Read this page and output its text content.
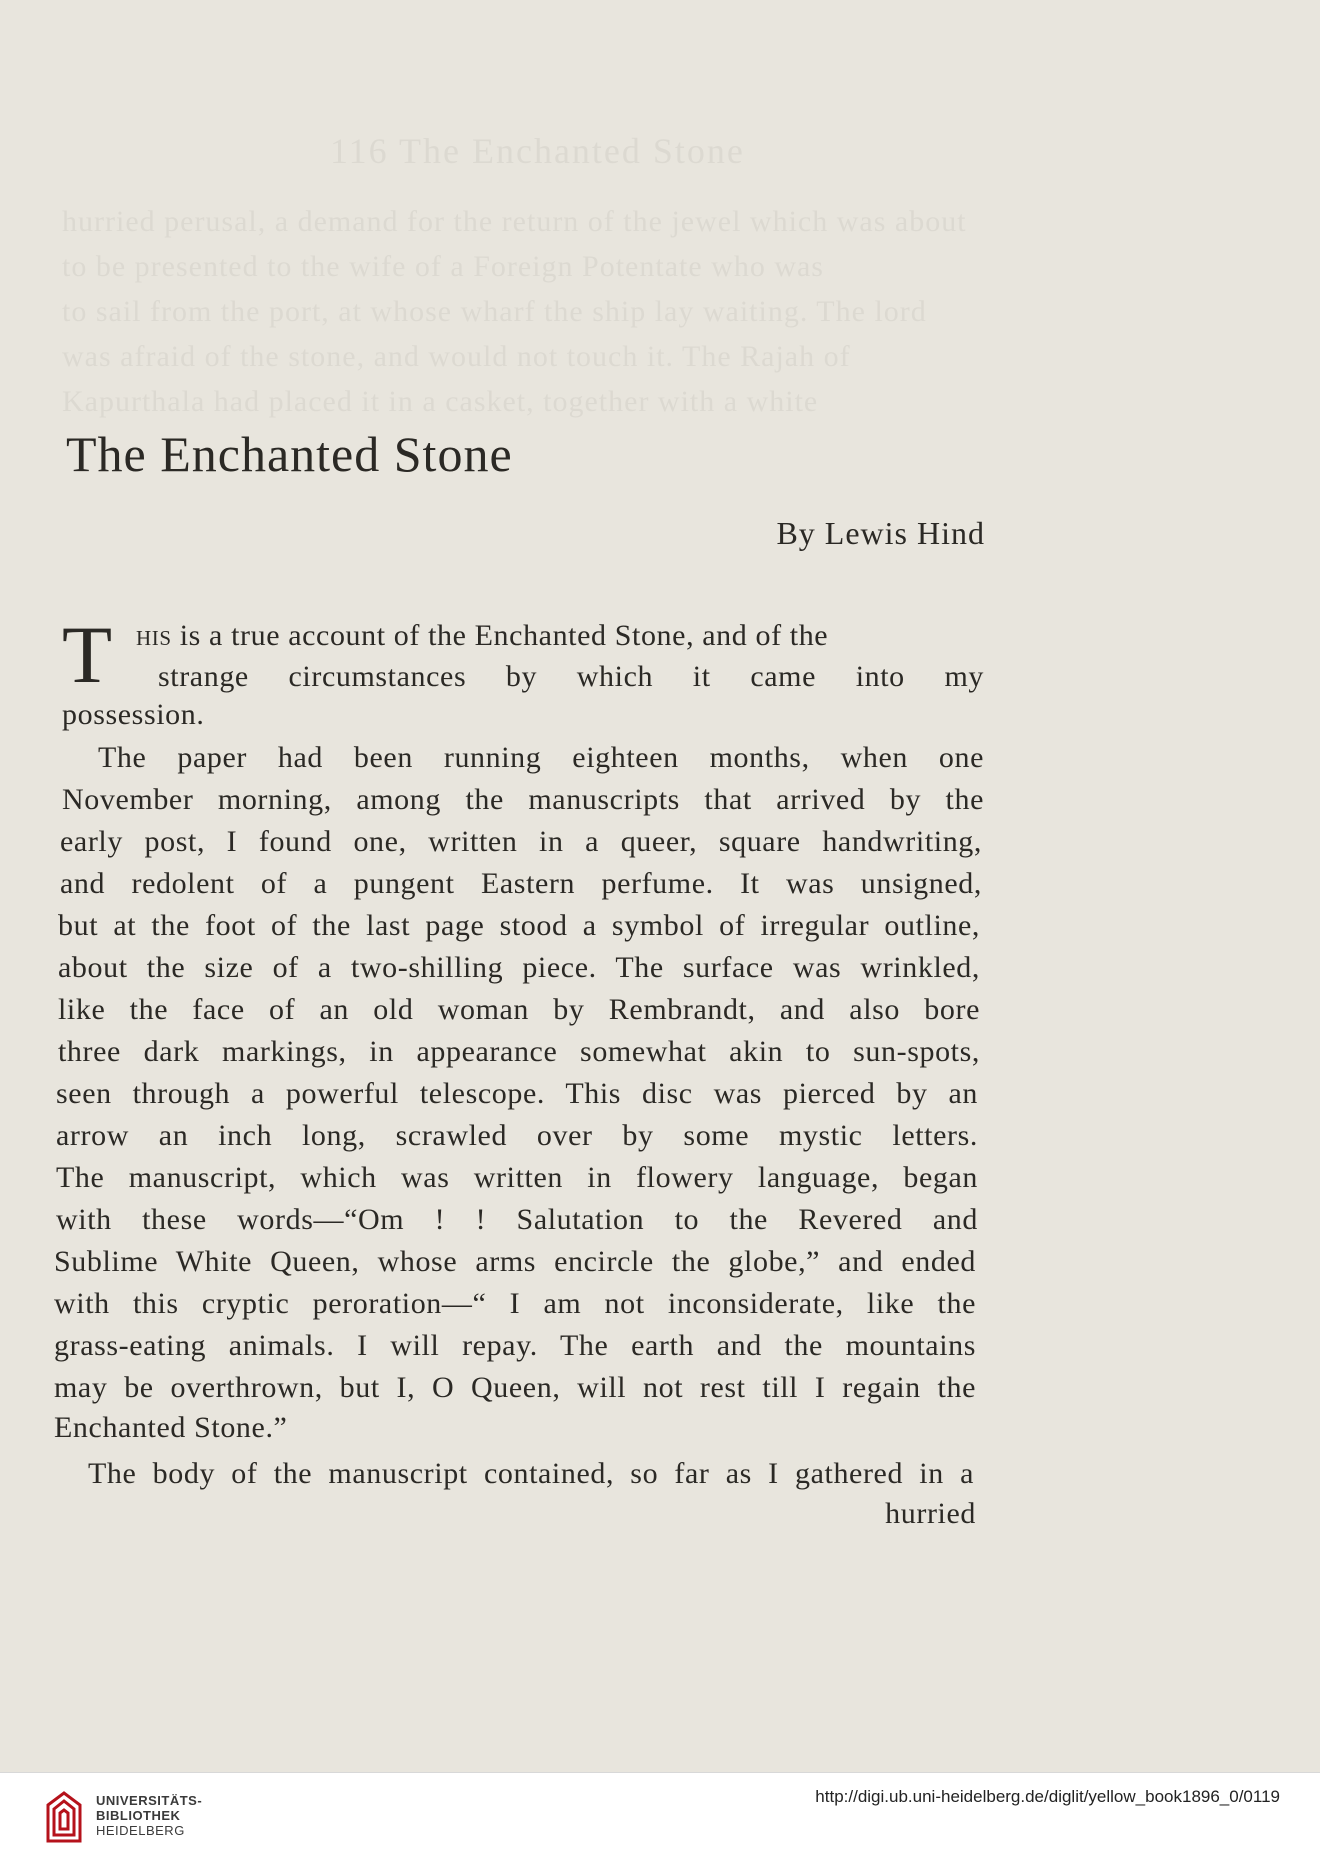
116 The Enchanted Stone
hurried perusal, a demand for the return of the jewel which was about
to be presented to the wife of a Foreign Potentate who was
to sail from the port, at whose wharf the ship lay waiting. The lord
was afraid of the stone, and would not touch it. The Rajah of
Kapurthala had placed it in a casket, together with a white
The Enchanted Stone
By Lewis Hind
T his is a true account of the Enchanted Stone, and of the
strange circumstances by which it came into my
possession.
The paper had been running eighteen months, when one
November morning, among the manuscripts that arrived by the
early post, I found one, written in a queer, square handwriting,
and redolent of a pungent Eastern perfume. It was unsigned,
but at the foot of the last page stood a symbol of irregular outline,
about the size of a two-shilling piece. The surface was wrinkled,
like the face of an old woman by Rembrandt, and also bore
three dark markings, in appearance somewhat akin to sun-spots,
seen through a powerful telescope. This disc was pierced by an
arrow an inch long, scrawled over by some mystic letters.
The manuscript, which was written in flowery language, began
with these words—“Om ! ! Salutation to the Revered and
Sublime White Queen, whose arms encircle the globe,” and ended
with this cryptic peroration—“ I am not inconsiderate, like the
grass-eating animals. I will repay. The earth and the mountains
may be overthrown, but I, O Queen, will not rest till I regain the
Enchanted Stone.”
The body of the manuscript contained, so far as I gathered in a
hurried
UNIVERSITÄTS-
BIBLIOTHEK
HEIDELBERG
http://digi.ub.uni-heidelberg.de/diglit/yellow_book1896_0/0119
